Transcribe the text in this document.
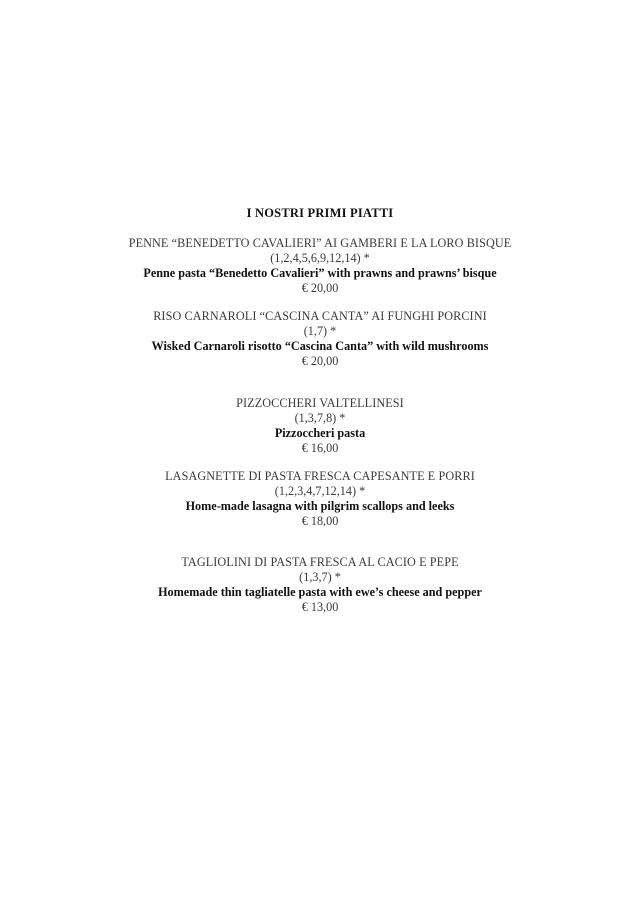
I NOSTRI PRIMI PIATTI
PENNE “BENEDETTO CAVALIERI” AI GAMBERI E LA LORO BISQUE
(1,2,4,5,6,9,12,14) *
Penne pasta “Benedetto Cavalieri” with prawns and prawns’ bisque
€ 20,00
RISO CARNAROLI “CASCINA CANTA” AI FUNGHI PORCINI
(1,7) *
Wisked Carnaroli risotto “Cascina Canta” with wild mushrooms
€ 20,00
PIZZOCCHERI VALTELLINESI
(1,3,7,8) *
Pizzoccheri pasta
€ 16,00
LASAGNETTE DI PASTA FRESCA CAPESANTE E PORRI
(1,2,3,4,7,12,14) *
Home-made lasagna with pilgrim scallops and leeks
€ 18,00
TAGLIOLINI DI PASTA FRESCA AL CACIO E PEPE
(1,3,7) *
Homemade thin tagliatelle pasta with ewe’s cheese and pepper
€ 13,00
